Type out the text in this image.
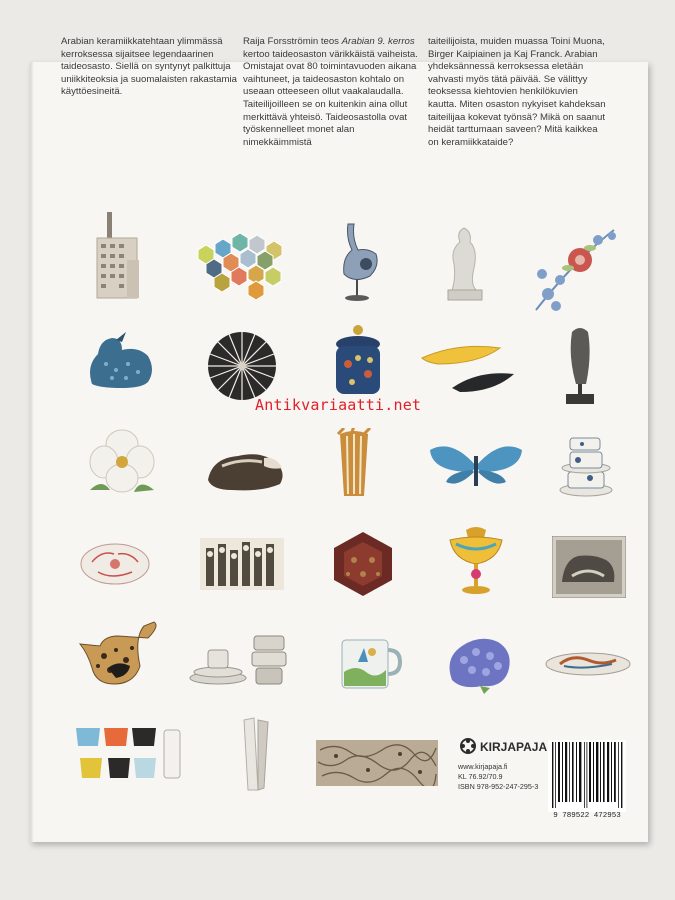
Arabian keramiikkatehtaan ylimmässä kerroksessa sijaitsee legendaarinen taideosasto. Siellä on syntynyt palkittuja uniikkiteoksia ja suomalaisten rakastamia käyttöesineitä.
Raija Forsströmin teos Arabian 9. kerros kertoo taideosaston värikkäistä vaiheista. Omistajat ovat 80 toimintavuoden aikana vaihtuneet, ja taideosaston kohtalo on useaan otteeseen ollut vaakalaudalla. Taiteilijoilleen se on kuitenkin aina ollut merkittävä yhteisö. Taideosastolla ovat työskennelleet monet alan nimekkäimmistä
taiteilijoista, muiden muassa Toini Muona, Birger Kaipiainen ja Kaj Franck. Arabian yhdeksännessä kerroksessa eletään vahvasti myös tätä päivää. Se välittyy teoksessa kiehtovien henkilökuvien kautta. Miten osaston nykyiset kahdeksan taiteilijaa kokevat työnsä? Mikä on saanut heidät tarttumaan saveen? Mitä kaikkea on keramiikkataide?
KIRJAPAJA
www.kirjapaja.fi
KL 76.92/70.9
ISBN 978-952-247-295-3
9 789522 472953
Antikvariaatti.net
